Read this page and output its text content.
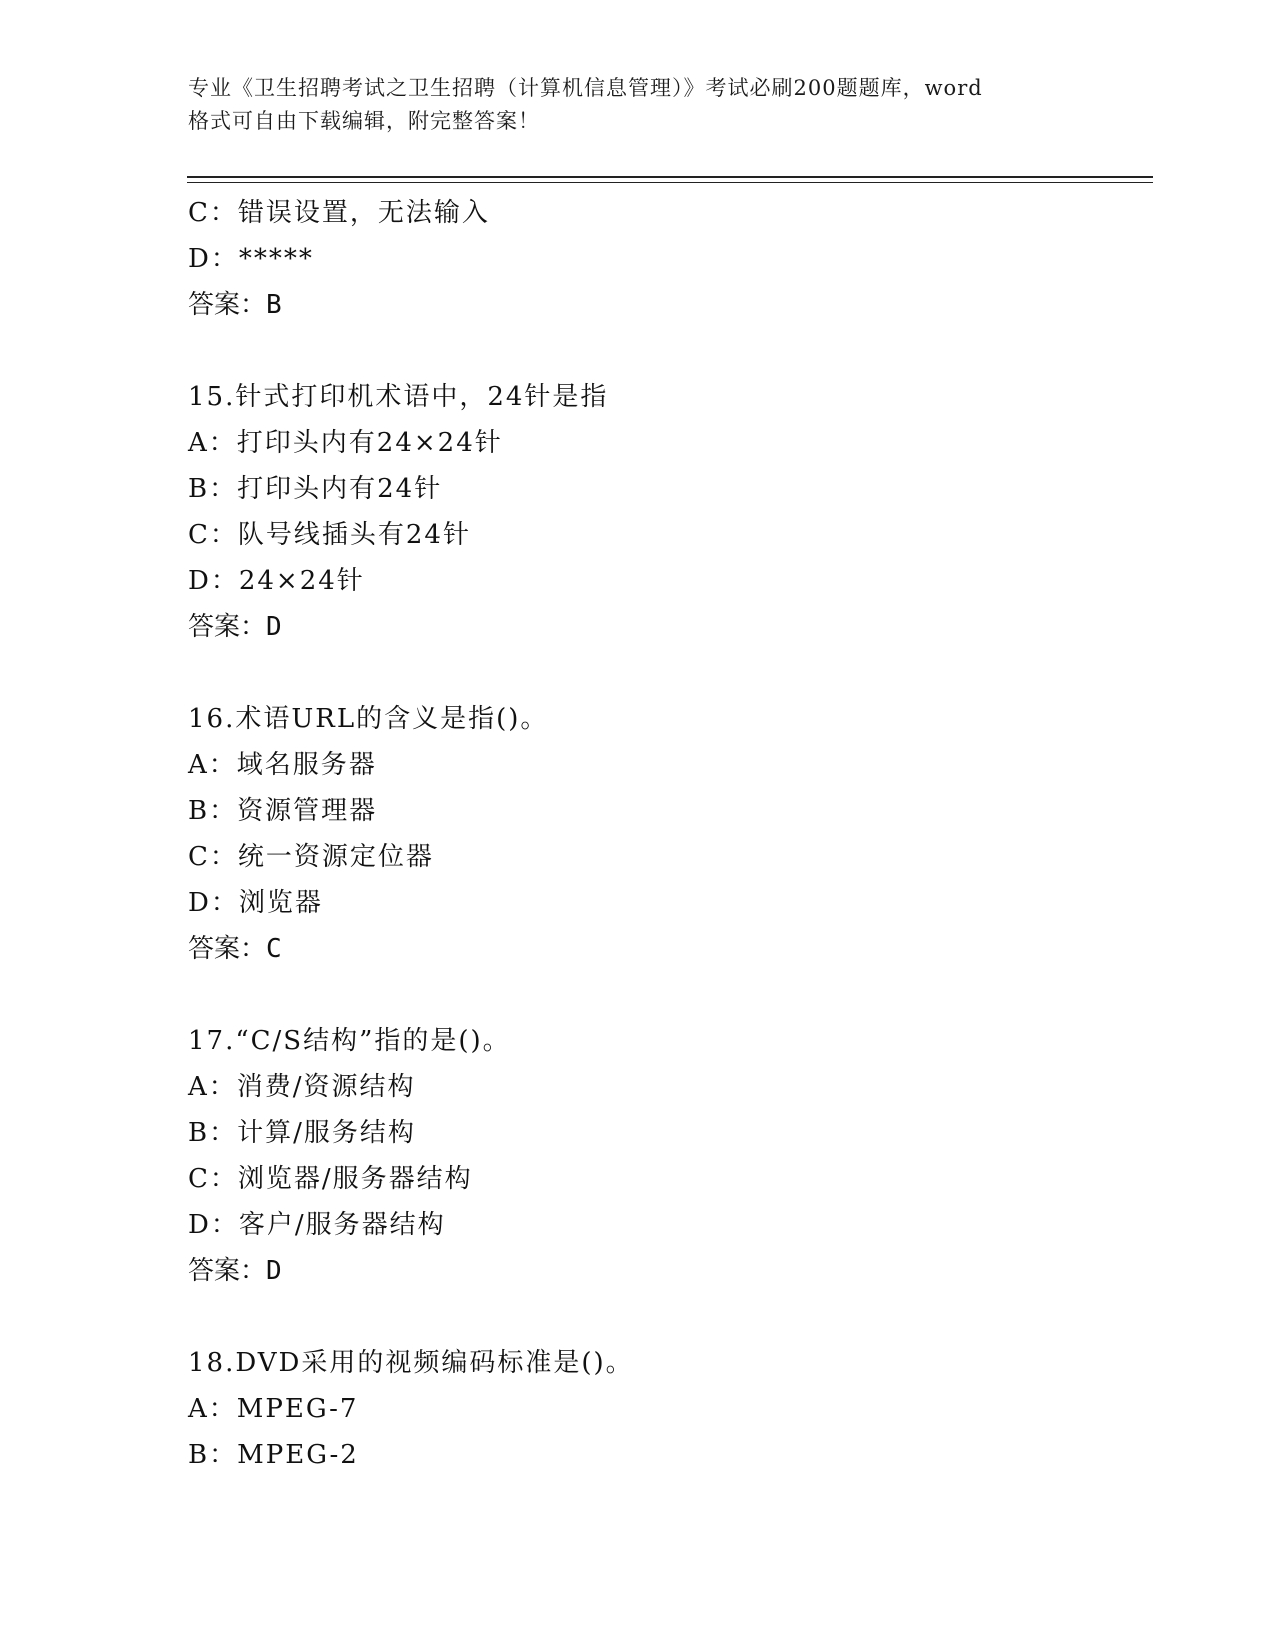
专业《卫生招聘考试之卫生招聘（计算机信息管理）》考试必刷200题题库，word
格式可自由下载编辑，附完整答案！
C：错误设置，无法输入
D：*****
答案：B
15.针式打印机术语中，24针是指
A：打印头内有24×24针
B：打印头内有24针
C：队号线插头有24针
D：24×24针
答案：D
16.术语URL的含义是指()。
A：域名服务器
B：资源管理器
C：统一资源定位器
D：浏览器
答案：C
17.“C/S结构”指的是()。
A：消费/资源结构
B：计算/服务结构
C：浏览器/服务器结构
D：客户/服务器结构
答案：D
18.DVD采用的视频编码标准是()。
A：MPEG-7
B：MPEG-2
